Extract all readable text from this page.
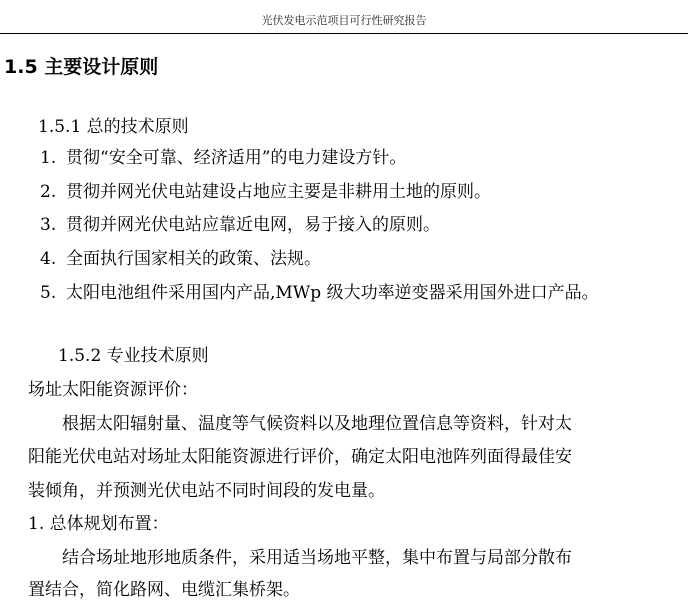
光伏发电示范项目可行性研究报告
1.5 主要设计原则
1.5.1 总的技术原则
1. 贯彻“安全可靠、经济适用”的电力建设方针。
2. 贯彻并网光伏电站建设占地应主要是非耕用土地的原则。
3. 贯彻并网光伏电站应靠近电网，易于接入的原则。
4. 全面执行国家相关的政策、法规。
5. 太阳电池组件采用国内产品,MWp 级大功率逆变器采用国外进口产品。
1.5.2 专业技术原则
场址太阳能资源评价：
根据太阳辐射量、温度等气候资料以及地理位置信息等资料，针对太
阳能光伏电站对场址太阳能资源进行评价，确定太阳电池阵列面得最佳安
装倾角，并预测光伏电站不同时间段的发电量。
1. 总体规划布置：
结合场址地形地质条件，采用适当场地平整，集中布置与局部分散布
置结合，简化路网、电缆汇集桥架。
